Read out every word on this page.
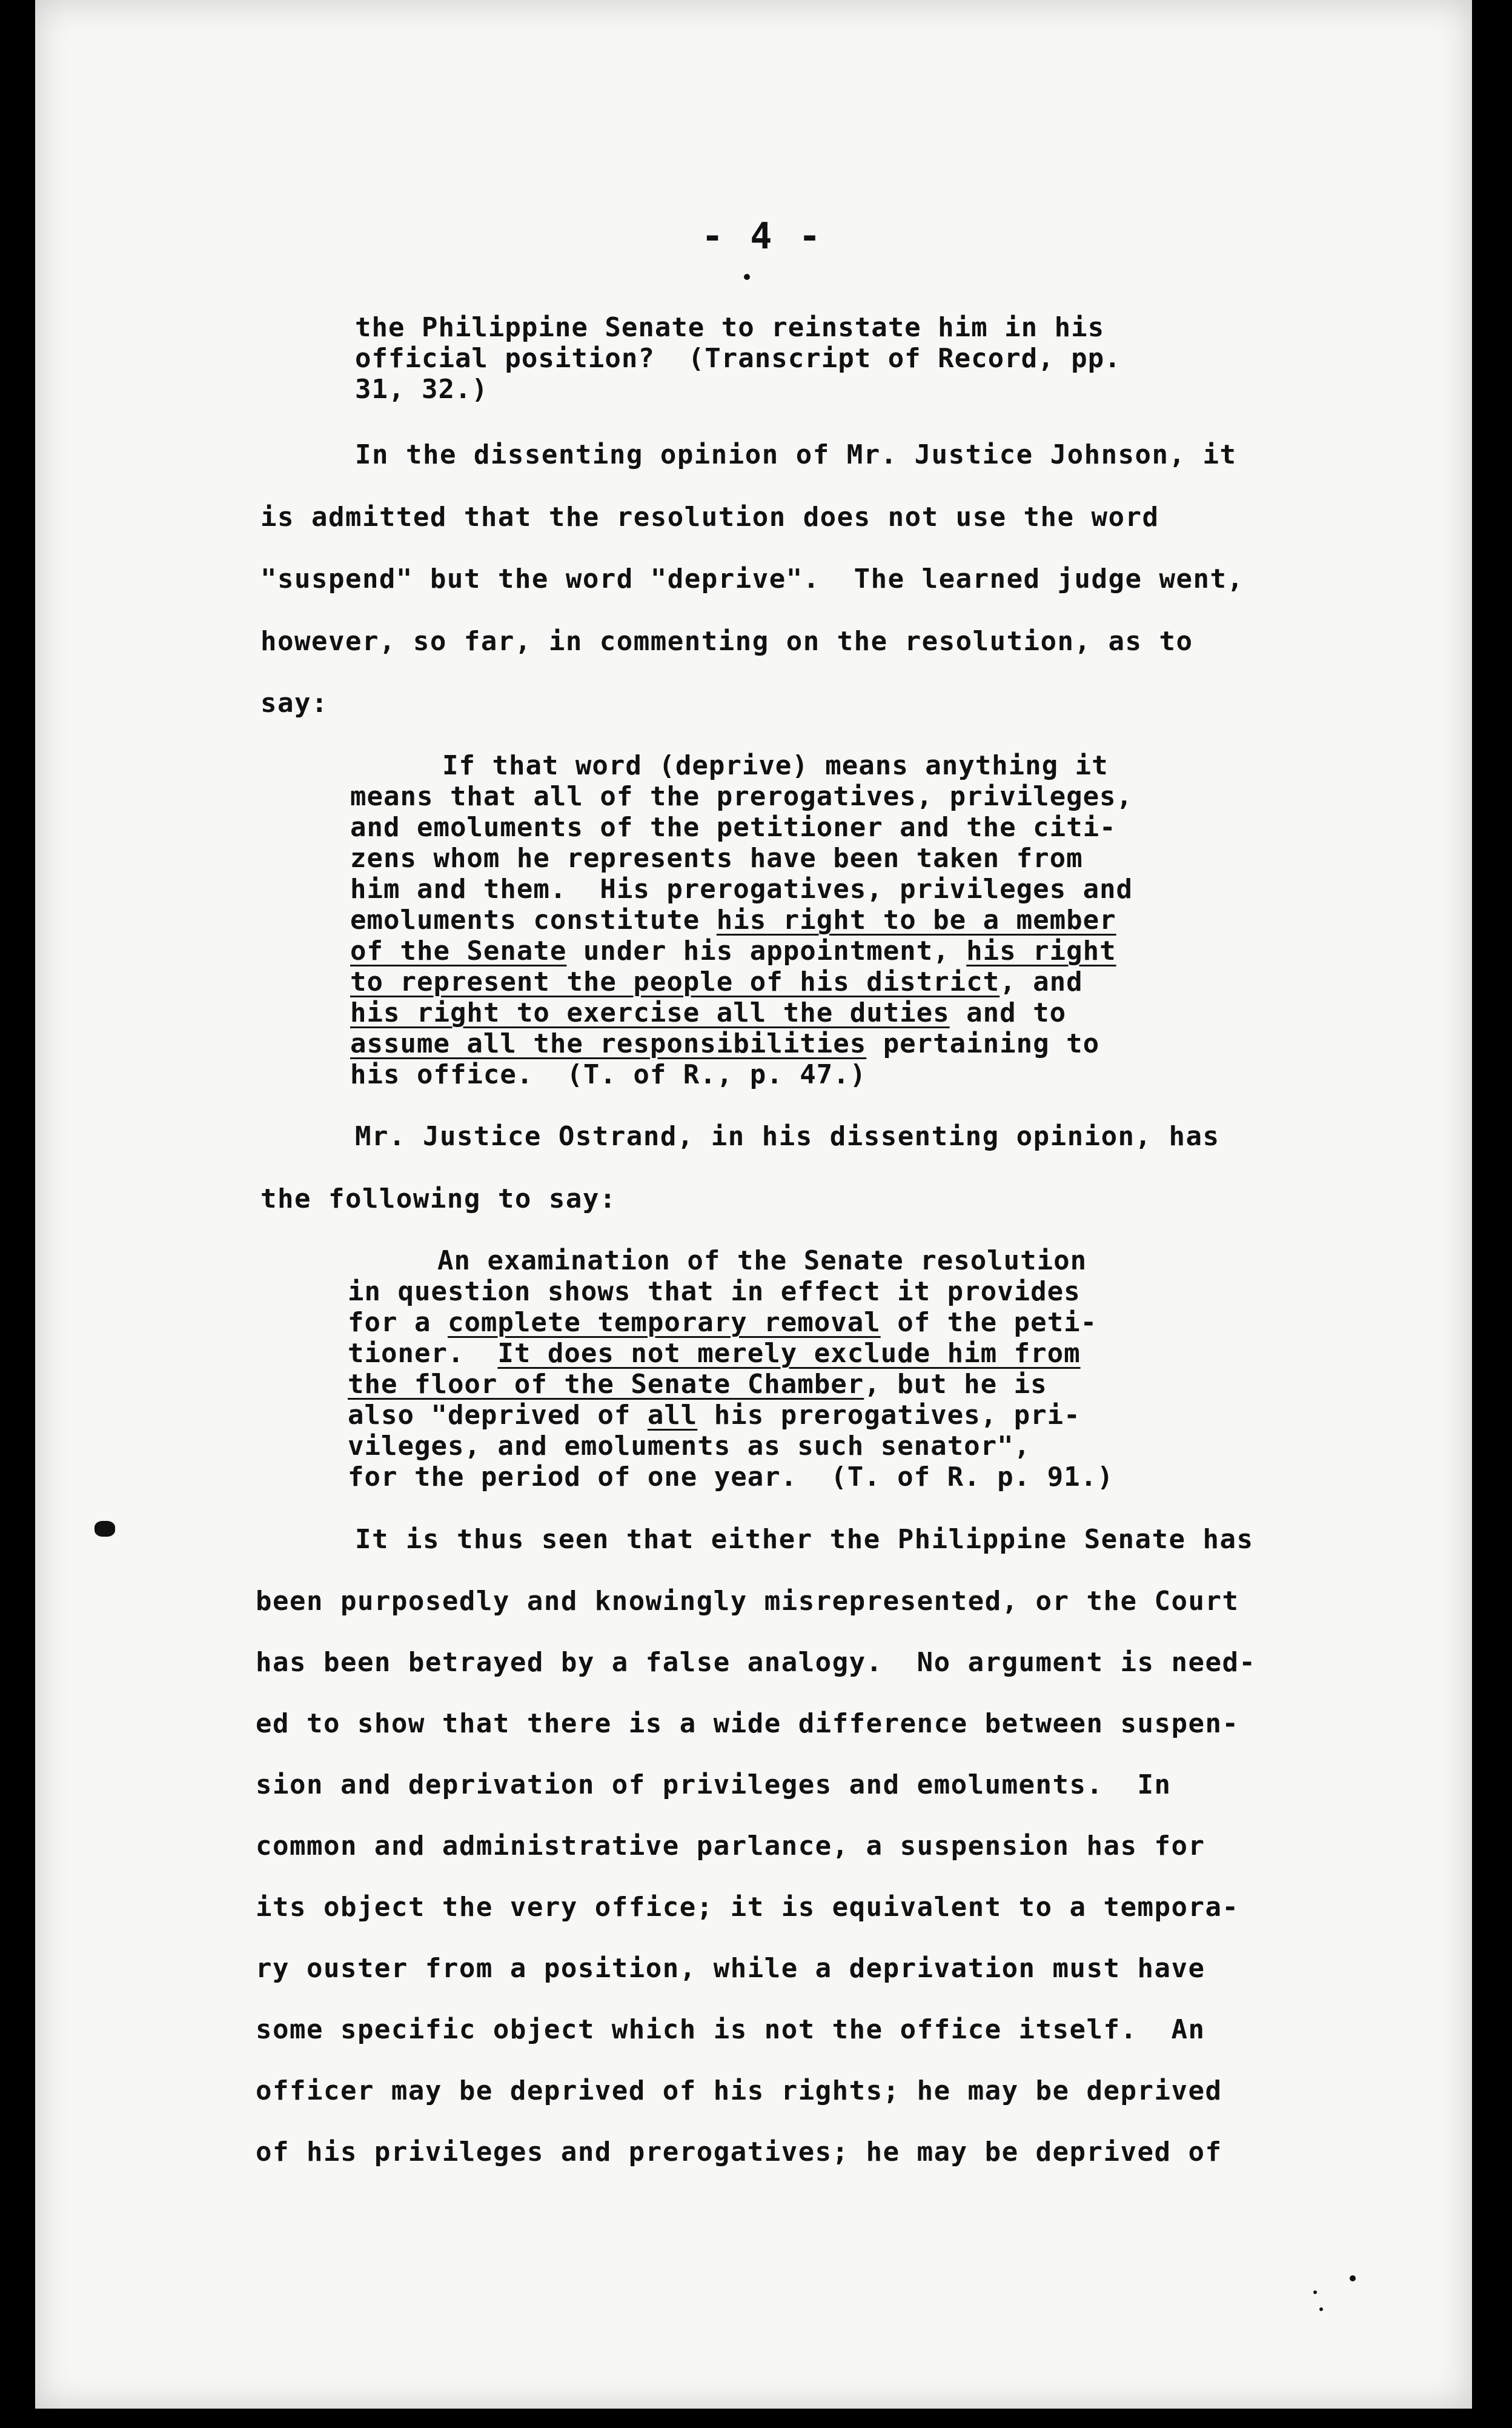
- 4 -
the Philippine Senate to reinstate him in his
official position?  (Transcript of Record, pp.
31, 32.)
In the dissenting opinion of Mr. Justice Johnson, it
is admitted that the resolution does not use the word
"suspend" but the word "deprive".  The learned judge went,
however, so far, in commenting on the resolution, as to
say:
If that word (deprive) means anything it
means that all of the prerogatives, privileges,
and emoluments of the petitioner and the citi-
zens whom he represents have been taken from
him and them.  His prerogatives, privileges and
emoluments constitute his right to be a member
of the Senate under his appointment, his right
to represent the people of his district, and
his right to exercise all the duties and to
assume all the responsibilities pertaining to
his office.  (T. of R., p. 47.)
Mr. Justice Ostrand, in his dissenting opinion, has
the following to say:
An examination of the Senate resolution
in question shows that in effect it provides
for a complete temporary removal of the peti-
tioner.  It does not merely exclude him from
the floor of the Senate Chamber, but he is
also "deprived of all his prerogatives, pri-
vileges, and emoluments as such senator",
for the period of one year.  (T. of R. p. 91.)
It is thus seen that either the Philippine Senate has
been purposedly and knowingly misrepresented, or the Court
has been betrayed by a false analogy.  No argument is need-
ed to show that there is a wide difference between suspen-
sion and deprivation of privileges and emoluments.  In
common and administrative parlance, a suspension has for
its object the very office; it is equivalent to a tempora-
ry ouster from a position, while a deprivation must have
some specific object which is not the office itself.  An
officer may be deprived of his rights; he may be deprived
of his privileges and prerogatives; he may be deprived of
